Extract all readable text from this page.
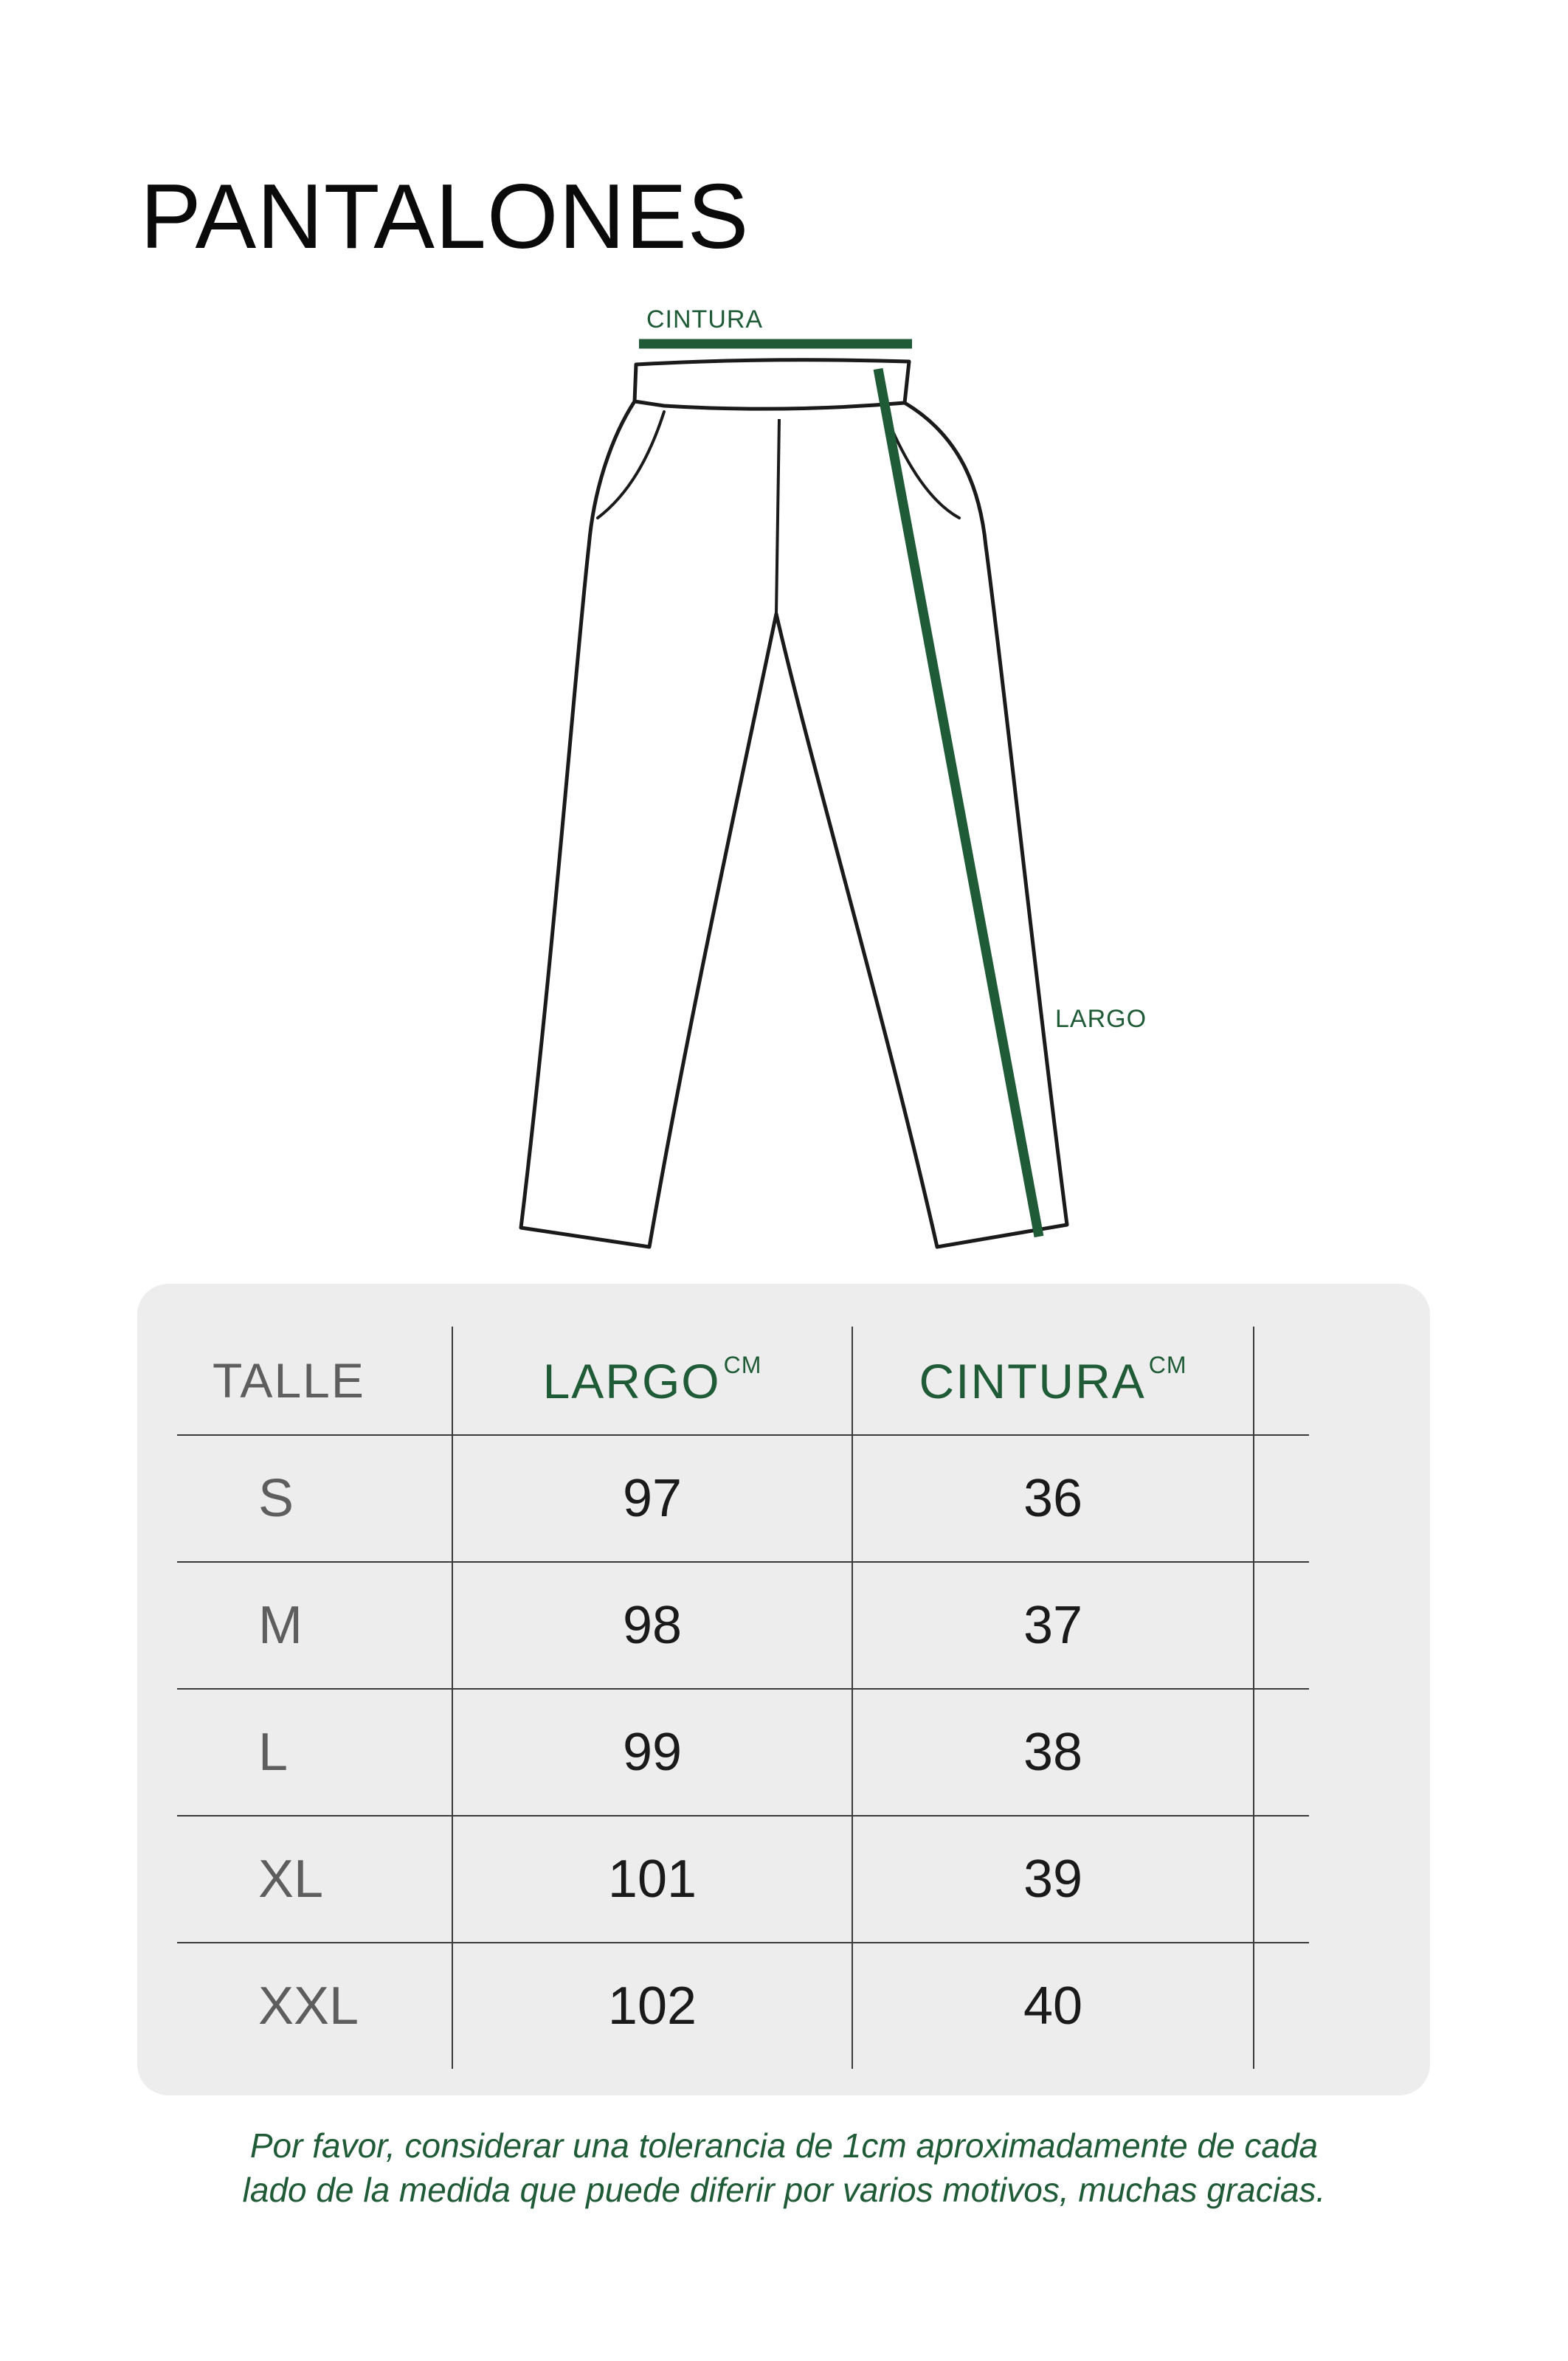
PANTALONES
CINTURA
LARGO
TALLE	LARGO $^{CM}$	CINTURA $^{CM}$	
S	97	36	
M	98	37	
L	99	38	
XL	101	39	
XXL	102	40	
Por favor, considerar una tolerancia de 1cm aproximadamente de cada
lado de la medida que puede diferir por varios motivos, muchas gracias.
